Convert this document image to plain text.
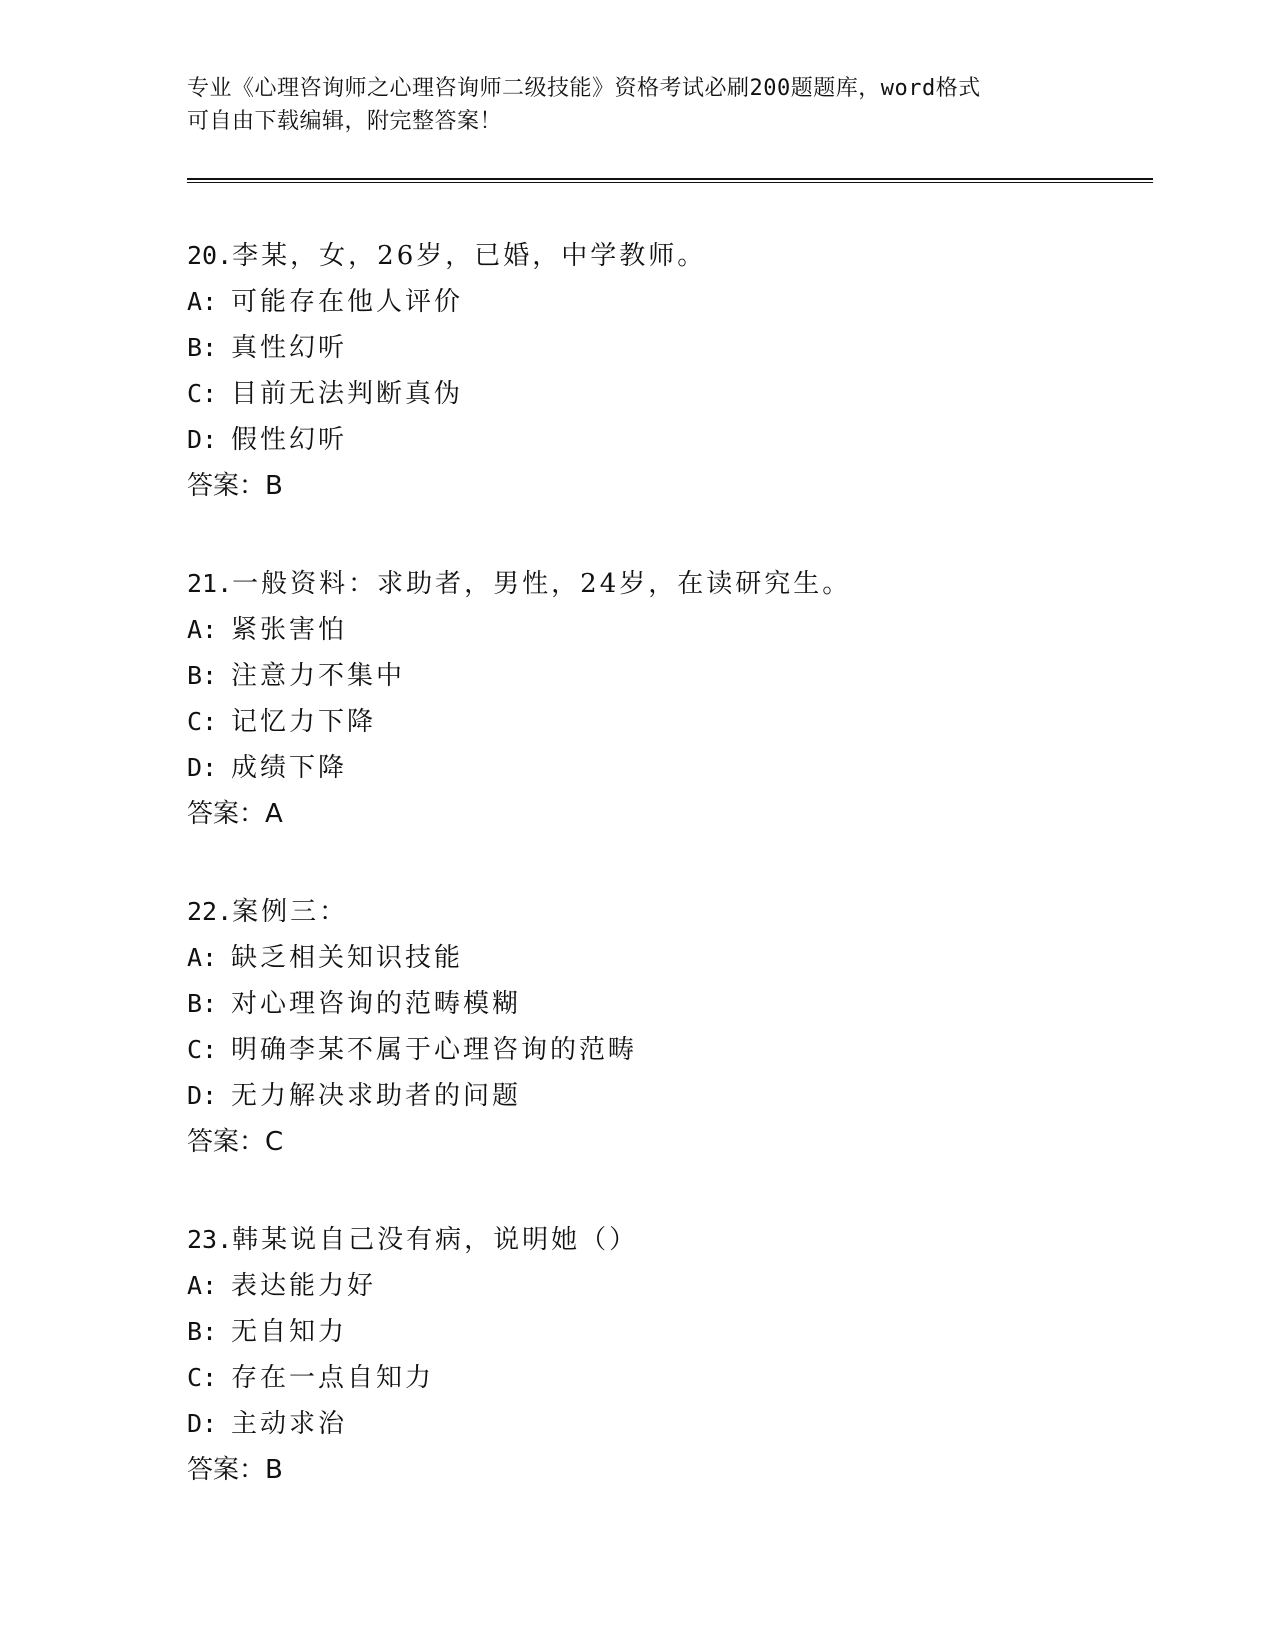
专业《心理咨询师之心理咨询师二级技能》资格考试必刷200题题库，word格式
可自由下载编辑，附完整答案！
20.李某，女，26岁，已婚，中学教师。
A: 可能存在他人评价
B: 真性幻听
C: 目前无法判断真伪
D: 假性幻听
答案：B
21.一般资料：求助者，男性，24岁，在读研究生。
A: 紧张害怕
B: 注意力不集中
C: 记忆力下降
D: 成绩下降
答案：A
22.案例三：
A: 缺乏相关知识技能
B: 对心理咨询的范畴模糊
C: 明确李某不属于心理咨询的范畴
D: 无力解决求助者的问题
答案：C
23.韩某说自己没有病，说明她（）
A: 表达能力好
B: 无自知力
C: 存在一点自知力
D: 主动求治
答案：B
